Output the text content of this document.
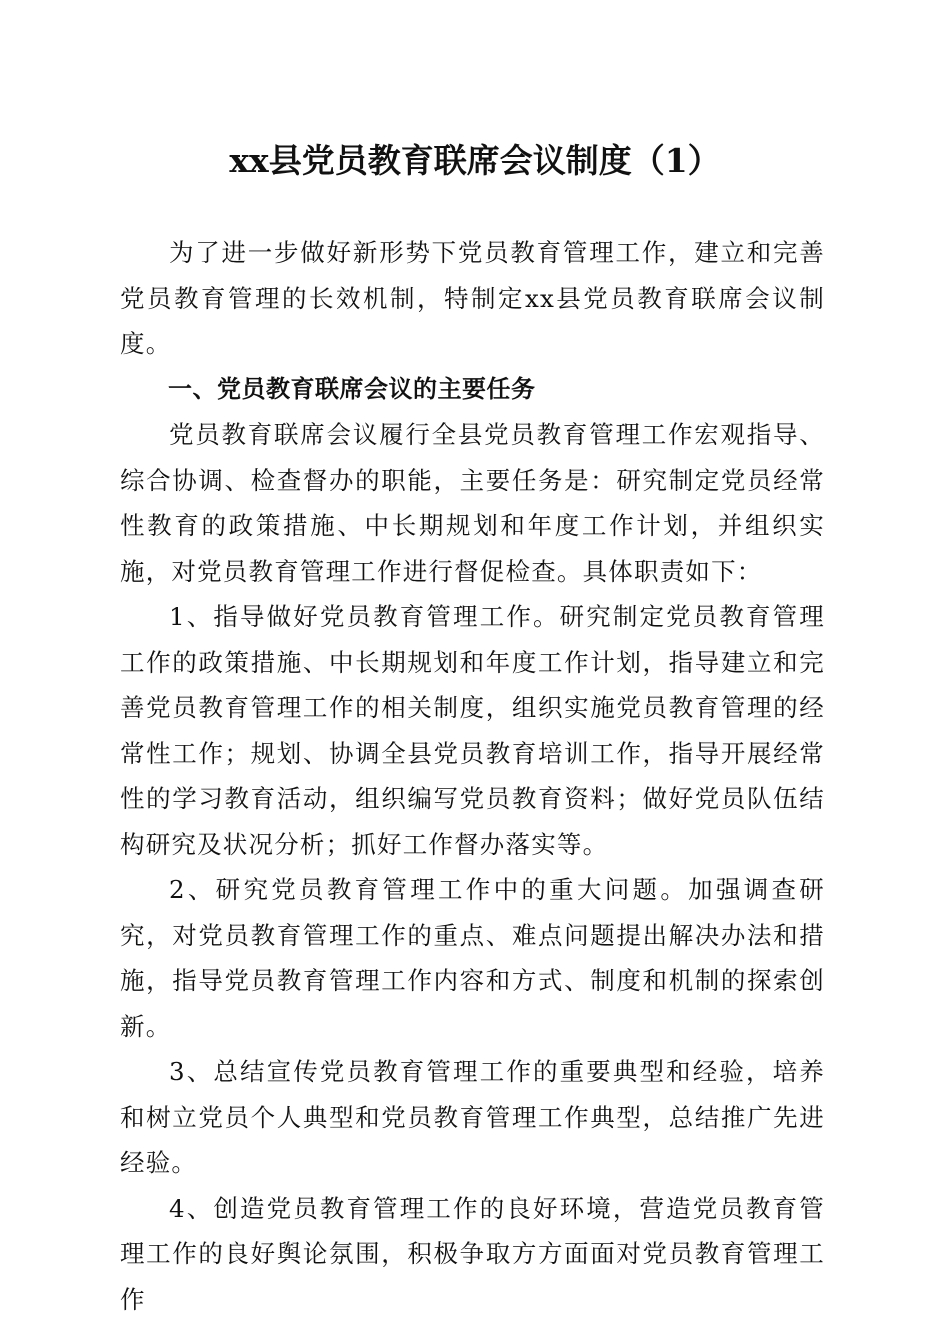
xx县党员教育联席会议制度（1）

为了进一步做好新形势下党员教育管理工作，建立和完善党员教育管理的长效机制，特制定xx县党员教育联席会议制度。

一、党员教育联席会议的主要任务

党员教育联席会议履行全县党员教育管理工作宏观指导、综合协调、检查督办的职能，主要任务是：研究制定党员经常性教育的政策措施、中长期规划和年度工作计划，并组织实施，对党员教育管理工作进行督促检查。具体职责如下：

1、指导做好党员教育管理工作。研究制定党员教育管理工作的政策措施、中长期规划和年度工作计划，指导建立和完善党员教育管理工作的相关制度，组织实施党员教育管理的经常性工作；规划、协调全县党员教育培训工作，指导开展经常性的学习教育活动，组织编写党员教育资料；做好党员队伍结构研究及状况分析；抓好工作督办落实等。

2、研究党员教育管理工作中的重大问题。加强调查研究，对党员教育管理工作的重点、难点问题提出解决办法和措施，指导党员教育管理工作内容和方式、制度和机制的探索创新。

3、总结宣传党员教育管理工作的重要典型和经验，培养和树立党员个人典型和党员教育管理工作典型，总结推广先进经验。

4、创造党员教育管理工作的良好环境，营造党员教育管理工作的良好舆论氛围，积极争取方方面面对党员教育管理工作
